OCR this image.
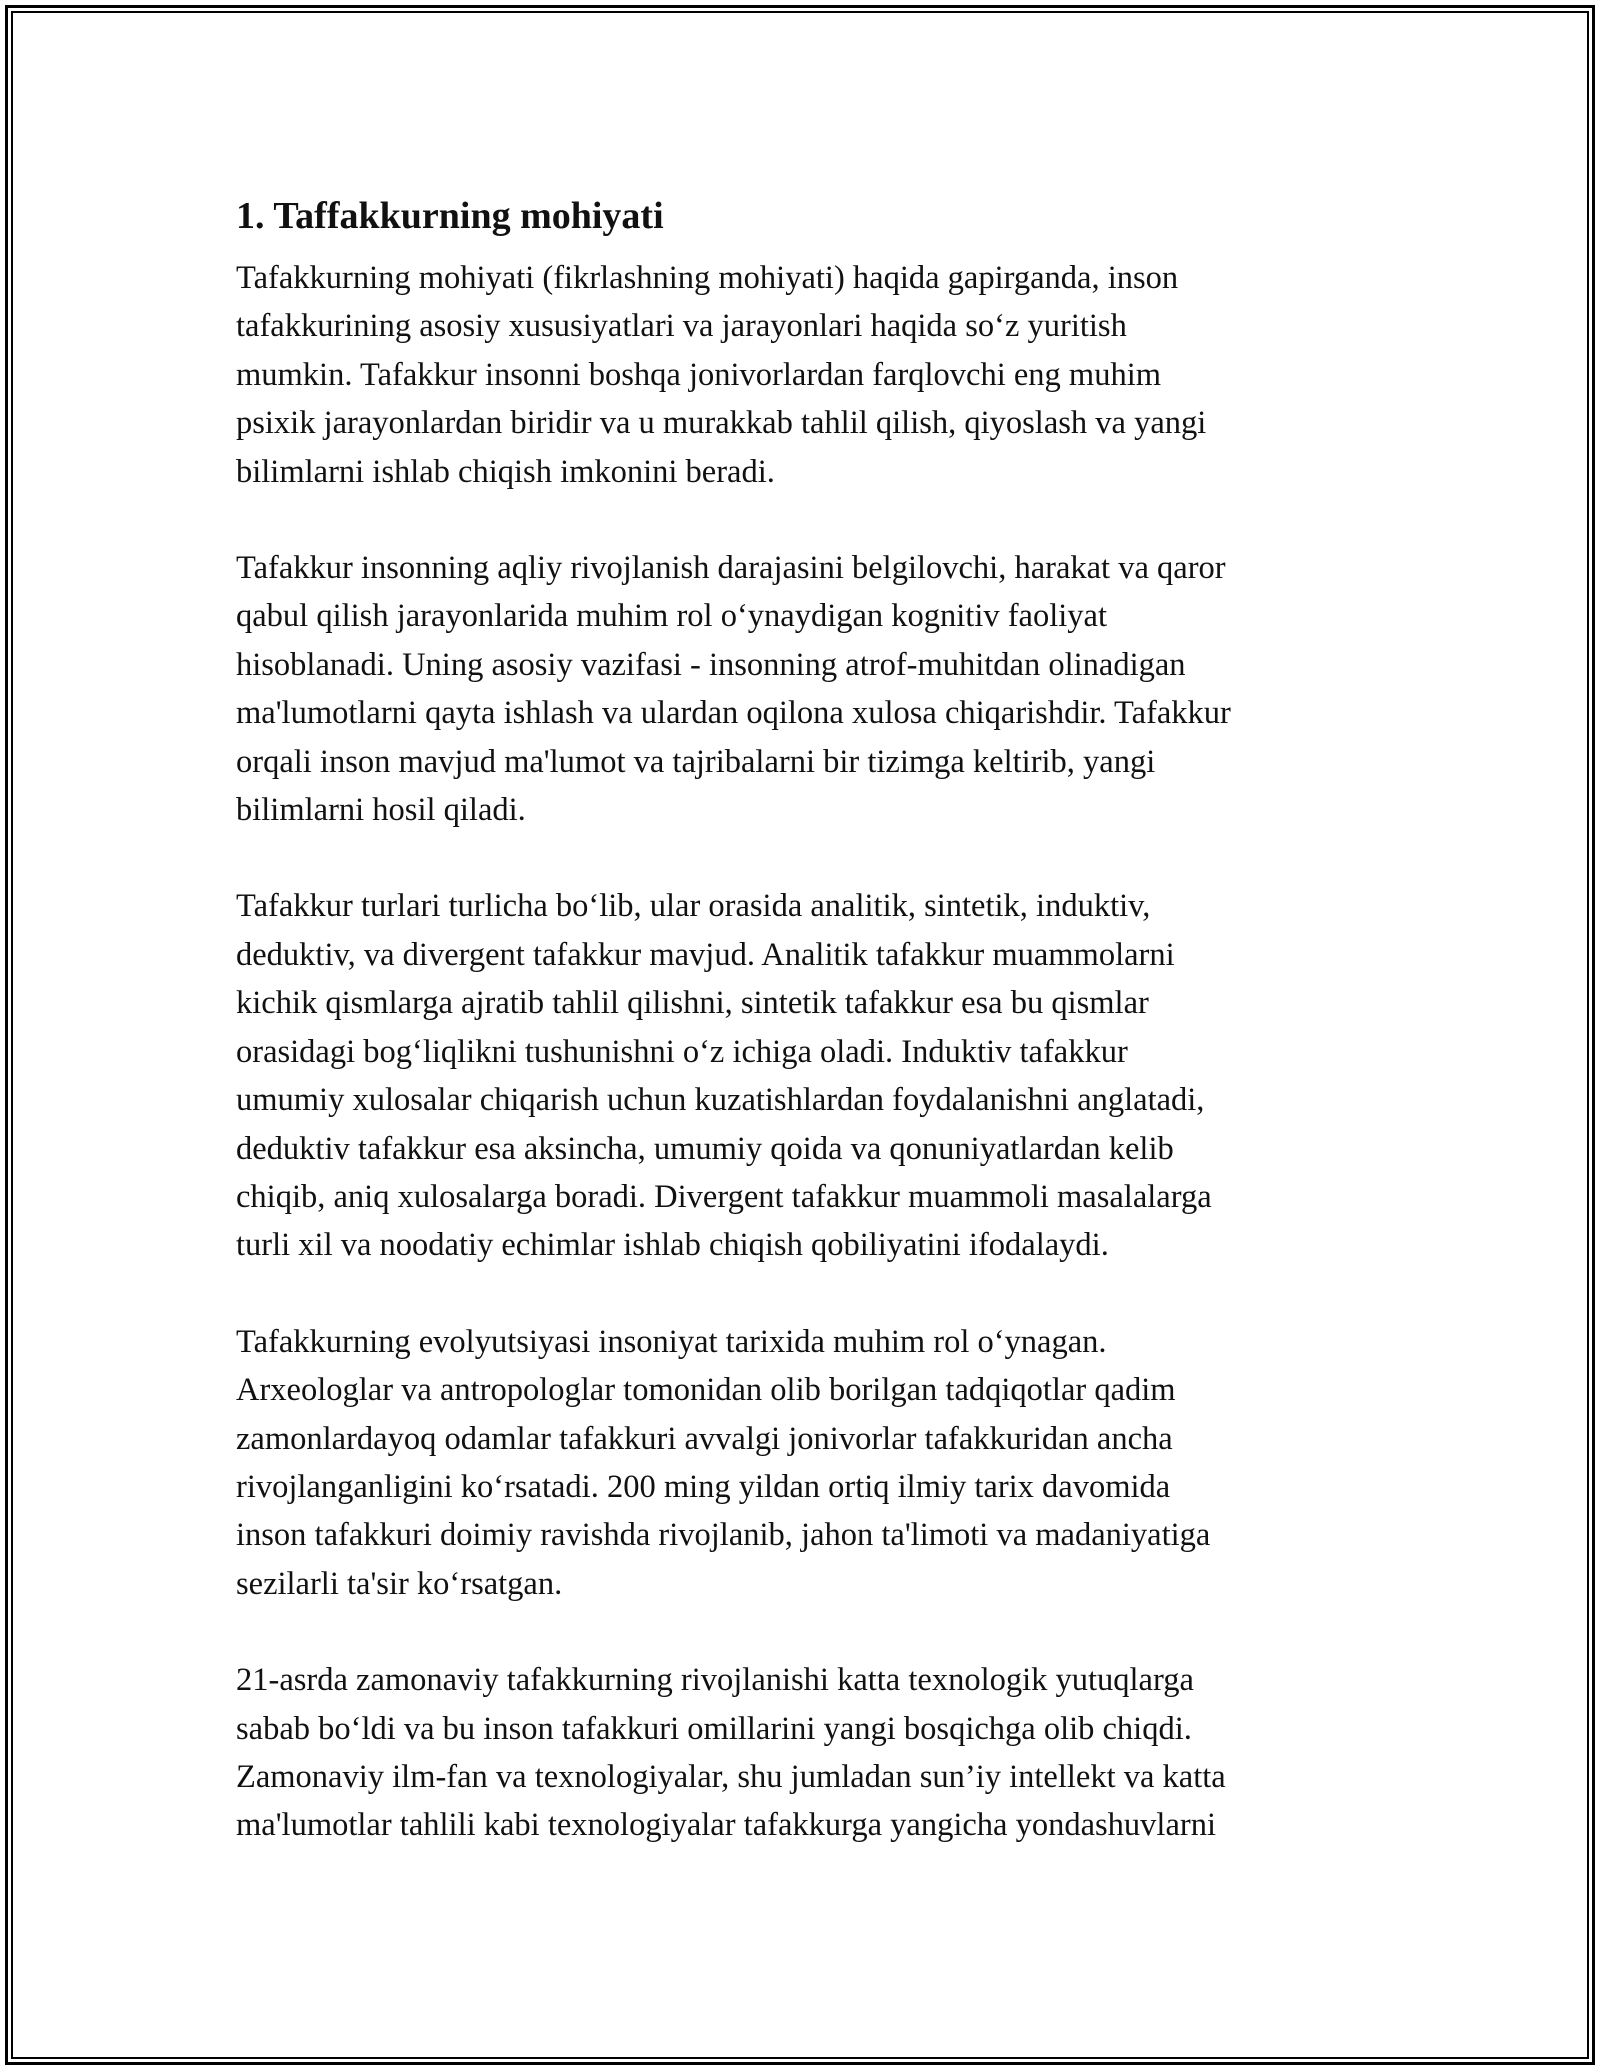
1. Taffakkurning mohiyati

Tafakkurning mohiyati (fikrlashning mohiyati) haqida gapirganda, inson
tafakkurining asosiy xususiyatlari va jarayonlari haqida so‘z yuritish
mumkin. Tafakkur insonni boshqa jonivorlardan farqlovchi eng muhim
psixik jarayonlardan biridir va u murakkab tahlil qilish, qiyoslash va yangi
bilimlarni ishlab chiqish imkonini beradi.

Tafakkur insonning aqliy rivojlanish darajasini belgilovchi, harakat va qaror
qabul qilish jarayonlarida muhim rol o‘ynaydigan kognitiv faoliyat
hisoblanadi. Uning asosiy vazifasi - insonning atrof-muhitdan olinadigan
ma'lumotlarni qayta ishlash va ulardan oqilona xulosa chiqarishdir. Tafakkur
orqali inson mavjud ma'lumot va tajribalarni bir tizimga keltirib, yangi
bilimlarni hosil qiladi.

Tafakkur turlari turlicha bo‘lib, ular orasida analitik, sintetik, induktiv,
deduktiv, va divergent tafakkur mavjud. Analitik tafakkur muammolarni
kichik qismlarga ajratib tahlil qilishni, sintetik tafakkur esa bu qismlar
orasidagi bog‘liqlikni tushunishni o‘z ichiga oladi. Induktiv tafakkur
umumiy xulosalar chiqarish uchun kuzatishlardan foydalanishni anglatadi,
deduktiv tafakkur esa aksincha, umumiy qoida va qonuniyatlardan kelib
chiqib, aniq xulosalarga boradi. Divergent tafakkur muammoli masalalarga
turli xil va noodatiy echimlar ishlab chiqish qobiliyatini ifodalaydi.

Tafakkurning evolyutsiyasi insoniyat tarixida muhim rol o‘ynagan.
Arxeologlar va antropologlar tomonidan olib borilgan tadqiqotlar qadim
zamonlardayoq odamlar tafakkuri avvalgi jonivorlar tafakkuridan ancha
rivojlanganligini ko‘rsatadi. 200 ming yildan ortiq ilmiy tarix davomida
inson tafakkuri doimiy ravishda rivojlanib, jahon ta'limoti va madaniyatiga
sezilarli ta'sir ko‘rsatgan.

21-asrda zamonaviy tafakkurning rivojlanishi katta texnologik yutuqlarga
sabab bo‘ldi va bu inson tafakkuri omillarini yangi bosqichga olib chiqdi.
Zamonaviy ilm-fan va texnologiyalar, shu jumladan sun’iy intellekt va katta
ma'lumotlar tahlili kabi texnologiyalar tafakkurga yangicha yondashuvlarni
